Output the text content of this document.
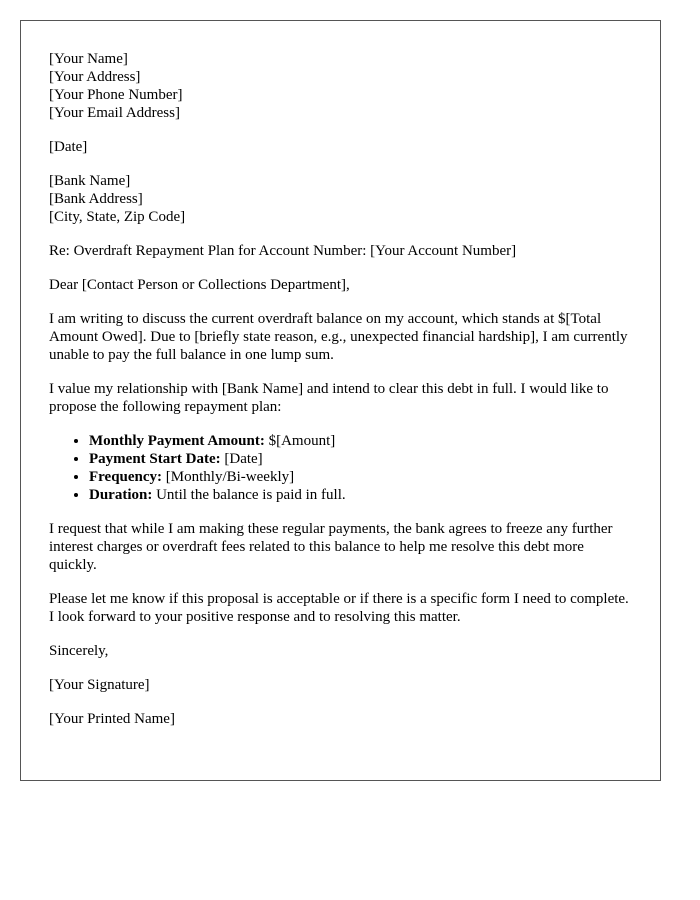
[Your Name]

[Your Address]

[Your Phone Number]

[Your Email Address]

[Date]

[Bank Name]

[Bank Address]

[City, State, Zip Code]

Re: Overdraft Repayment Plan for Account Number: [Your Account Number]

Dear [Contact Person or Collections Department],

I am writing to discuss the current overdraft balance on my account, which stands at $[Total Amount Owed]. Due to [briefly state reason, e.g., unexpected financial hardship], I am currently unable to pay the full balance in one lump sum.

I value my relationship with [Bank Name] and intend to clear this debt in full. I would like to propose the following repayment plan:

• Monthly Payment Amount: $[Amount]
• Payment Start Date: [Date]
• Frequency: [Monthly/Bi-weekly]
• Duration: Until the balance is paid in full.

I request that while I am making these regular payments, the bank agrees to freeze any further interest charges or overdraft fees related to this balance to help me resolve this debt more quickly.

Please let me know if this proposal is acceptable or if there is a specific form I need to complete. I look forward to your positive response and to resolving this matter.

Sincerely,

[Your Signature]

[Your Printed Name]
